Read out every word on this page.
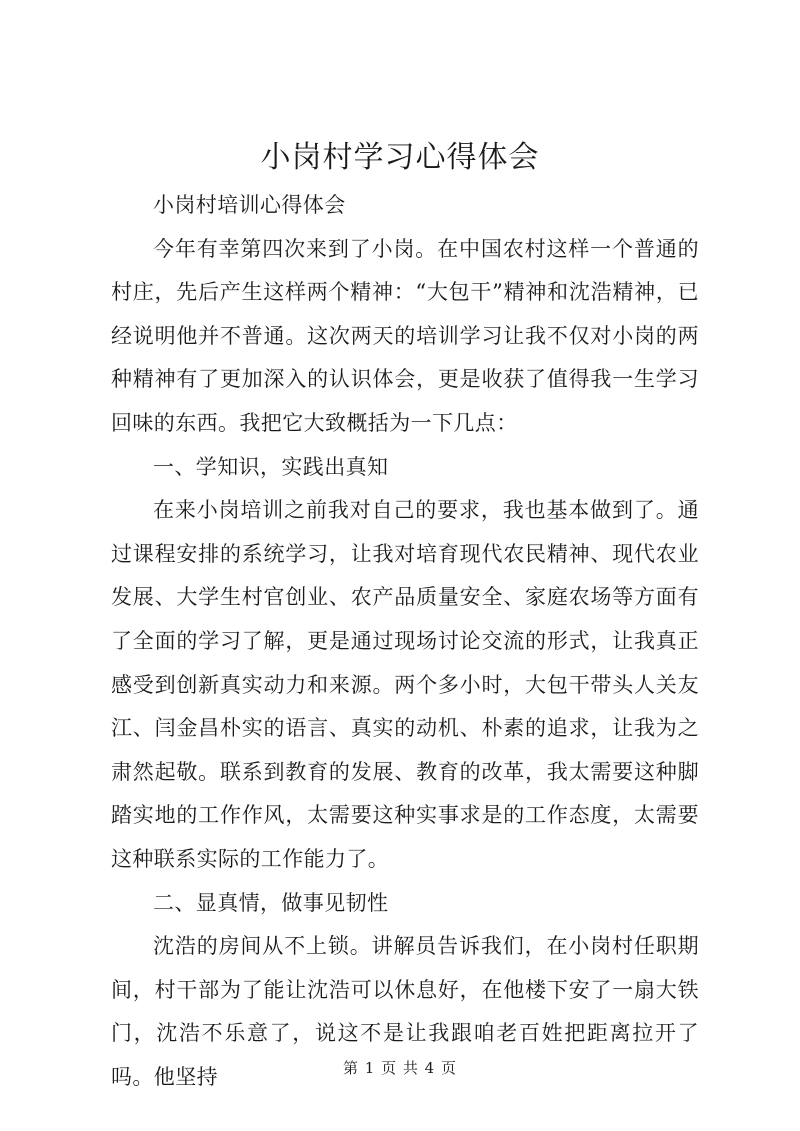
小岗村学习心得体会

小岗村培训心得体会

今年有幸第四次来到了小岗。在中国农村这样一个普通的村庄，先后产生这样两个精神：“大包干”精神和沈浩精神，已经说明他并不普通。这次两天的培训学习让我不仅对小岗的两种精神有了更加深入的认识体会，更是收获了值得我一生学习回味的东西。我把它大致概括为一下几点：

一、学知识，实践出真知

在来小岗培训之前我对自己的要求，我也基本做到了。通过课程安排的系统学习，让我对培育现代农民精神、现代农业发展、大学生村官创业、农产品质量安全、家庭农场等方面有了全面的学习了解，更是通过现场讨论交流的形式，让我真正感受到创新真实动力和来源。两个多小时，大包干带头人关友江、闫金昌朴实的语言、真实的动机、朴素的追求，让我为之肃然起敬。联系到教育的发展、教育的改革，我太需要这种脚踏实地的工作作风，太需要这种实事求是的工作态度，太需要这种联系实际的工作能力了。

二、显真情，做事见韧性

沈浩的房间从不上锁。讲解员告诉我们，在小岗村任职期间，村干部为了能让沈浩可以休息好，在他楼下安了一扇大铁门，沈浩不乐意了，说这不是让我跟咱老百姓把距离拉开了吗。他坚持	第 1 页 共 4 页
